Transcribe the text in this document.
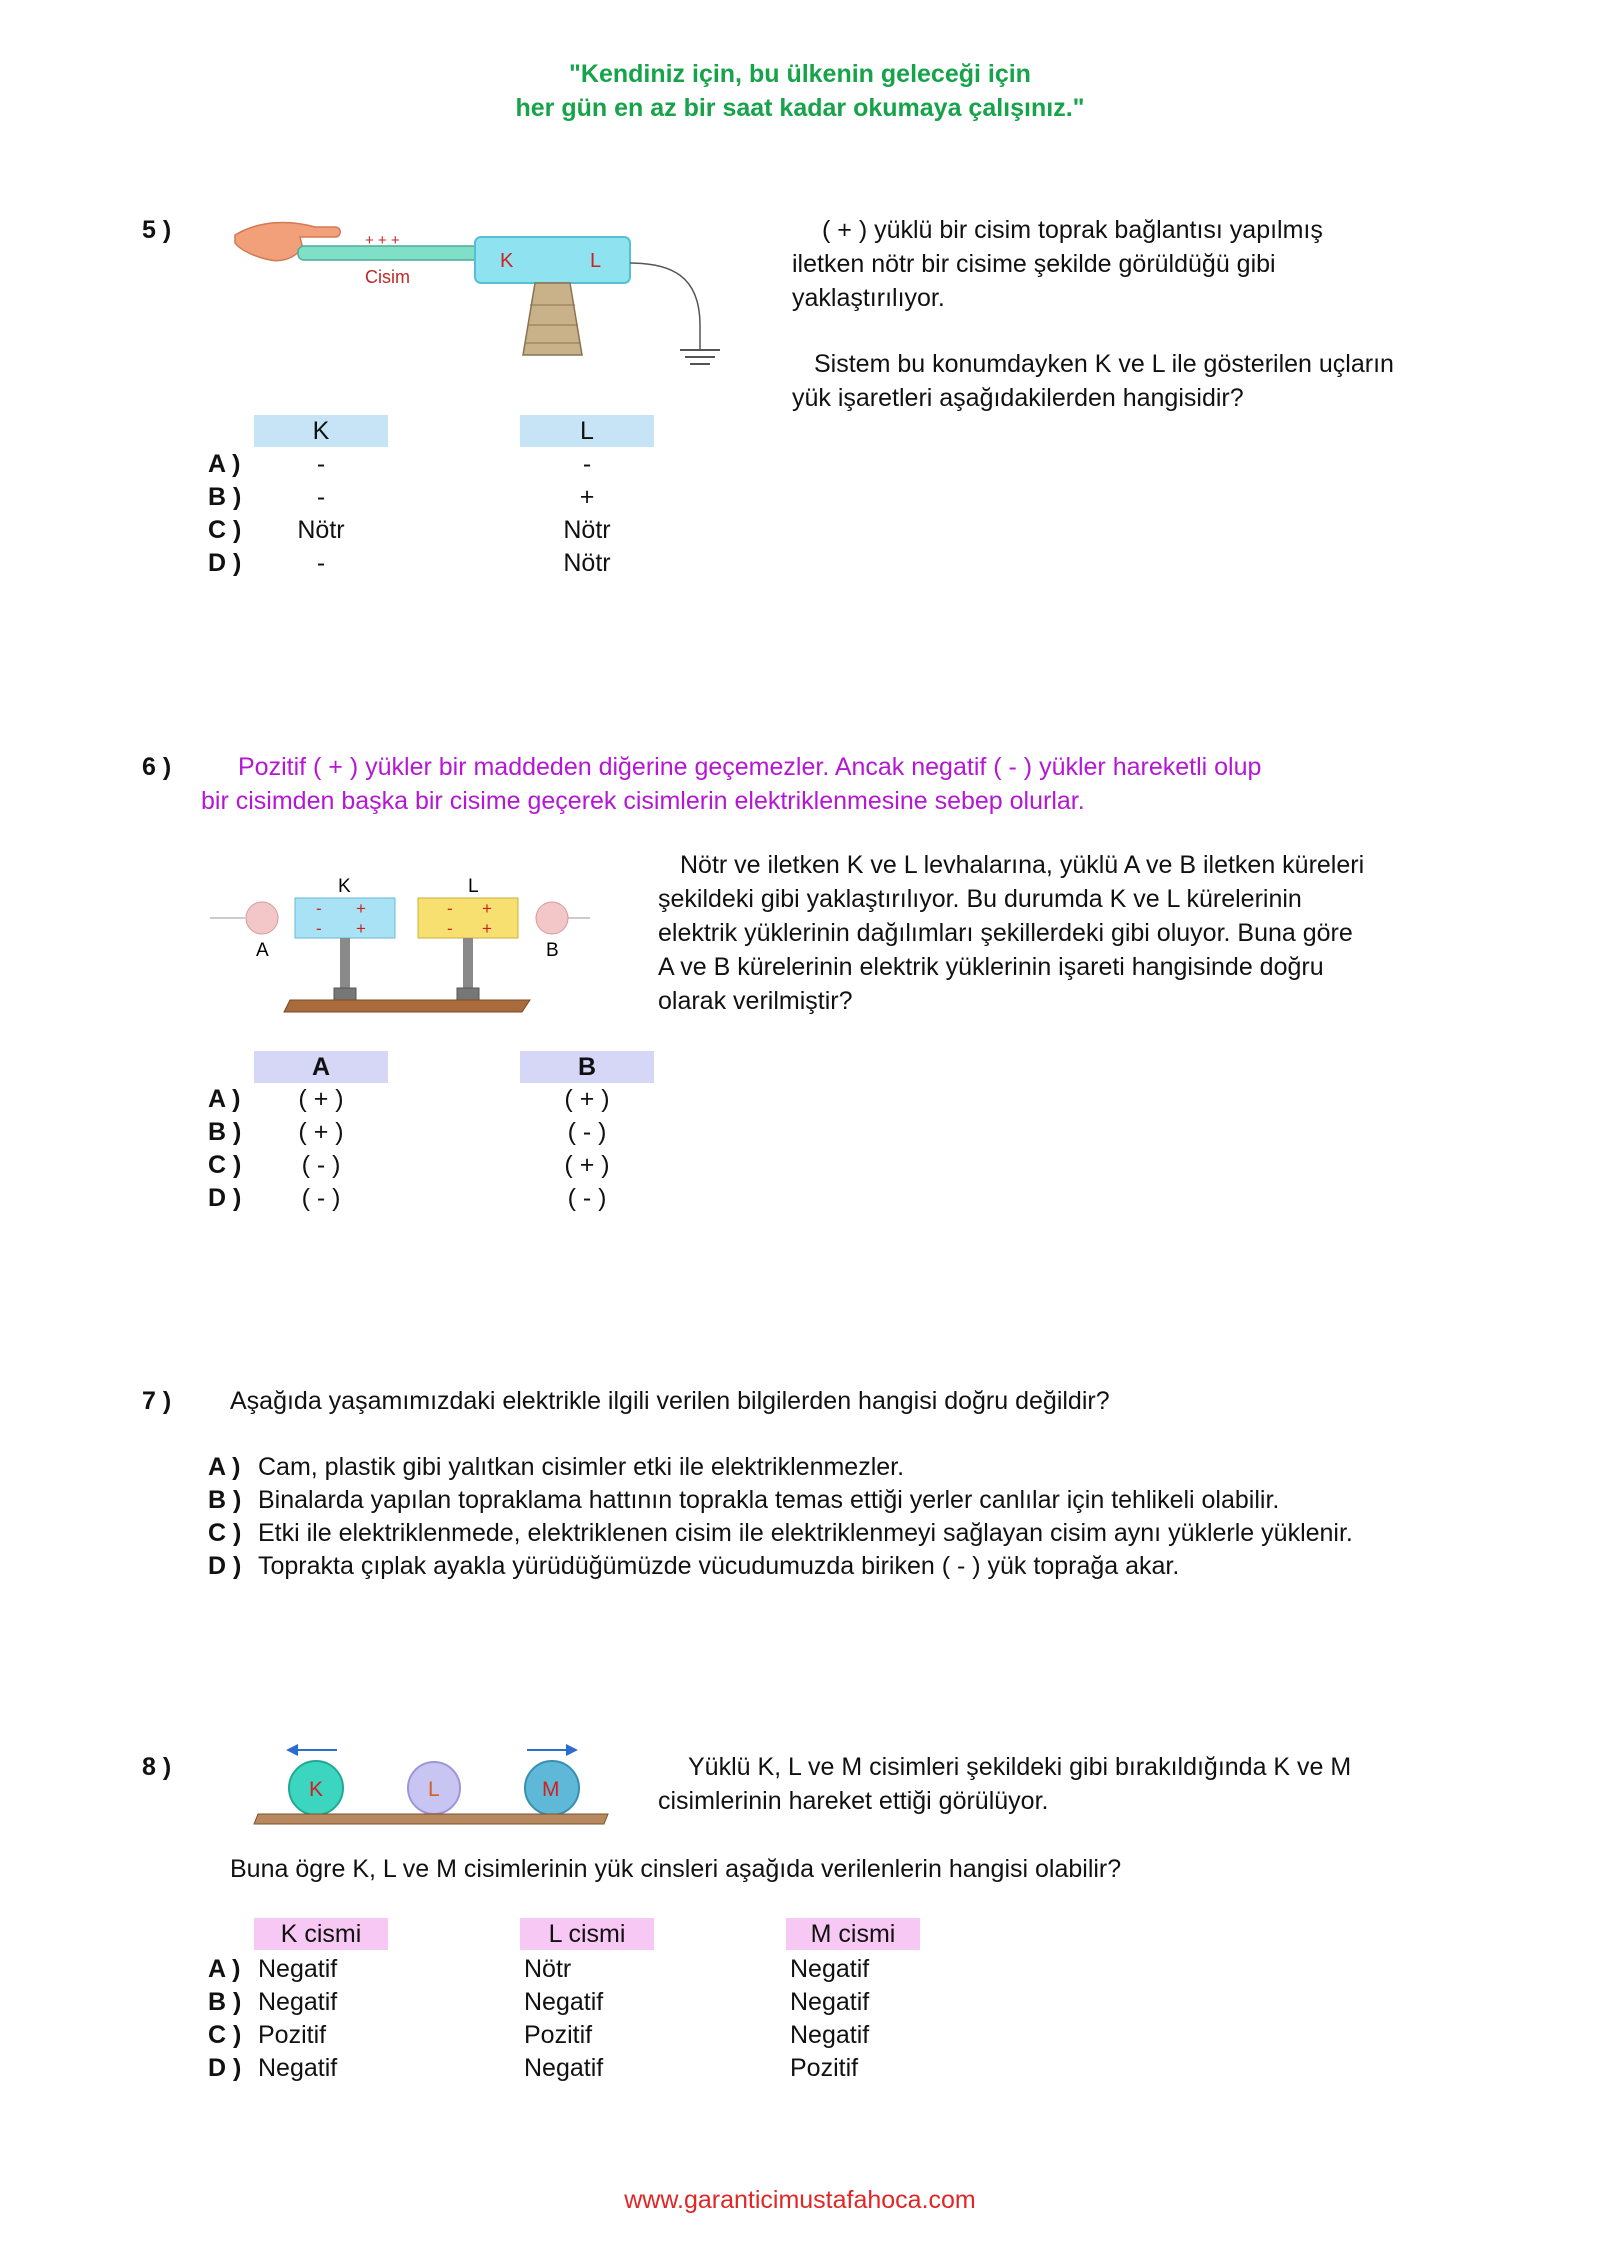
"Kendiniz için, bu ülkenin geleceği için
her gün en az bir saat kadar okumaya çalışınız."
5 )	+ + +
Cisim
K	L
( + ) yüklü bir cisim toprak bağlantısı yapılmış
iletken nötr bir cisime şekilde görüldüğü gibi
yaklaştırılıyor.
Sistem bu konumdayken K ve L ile gösterilen uçların
yük işaretleri aşağıdakilerden hangisidir?
K	L
A )	-	-
B )	-	+
C )	Nötr	Nötr
D )	-	Nötr
6 )	Pozitif ( + ) yükler bir maddeden diğerine geçemezler. Ancak negatif ( - ) yükler hareketli olup
bir cisimden başka bir cisime geçerek cisimlerin elektriklenmesine sebep olurlar.
A
K
- +
- +
L
- +
- +
B
Nötr ve iletken K ve L levhalarına, yüklü A ve B iletken küreleri
şekildeki gibi yaklaştırılıyor. Bu durumda K ve L kürelerinin
elektrik yüklerinin dağılımları şekillerdeki gibi oluyor. Buna göre
A ve B kürelerinin elektrik yüklerinin işareti hangisinde doğru
olarak verilmiştir?
A	B
A )	( + )	( + )
B )	( + )	( - )
C )	( - )	( + )
D )	( - )	( - )
7 ) Aşağıda yaşamımızdaki elektrikle ilgili verilen bilgilerden hangisi doğru değildir?
A ) Cam, plastik gibi yalıtkan cisimler etki ile elektriklenmezler.
B ) Binalarda yapılan topraklama hattının toprakla temas ettiği yerler canlılar için tehlikeli olabilir.
C ) Etki ile elektriklenmede, elektriklenen cisim ile elektriklenmeyi sağlayan cisim aynı yüklerle yüklenir.
D ) Toprakta çıplak ayakla yürüdüğümüzde vücudumuzda biriken ( - ) yük toprağa akar.
8 )
K	L	M
Yüklü K, L ve M cisimleri şekildeki gibi bırakıldığında K ve M
cisimlerinin hareket ettiği görülüyor.
Buna ögre K, L ve M cisimlerinin yük cinsleri aşağıda verilenlerin hangisi olabilir?
K cismi	L cismi	M cismi
A ) Negatif	Nötr	Negatif
B ) Negatif	Negatif	Negatif
C ) Pozitif	Pozitif	Negatif
D ) Negatif	Negatif	Pozitif
www.garanticimustafahoca.com
